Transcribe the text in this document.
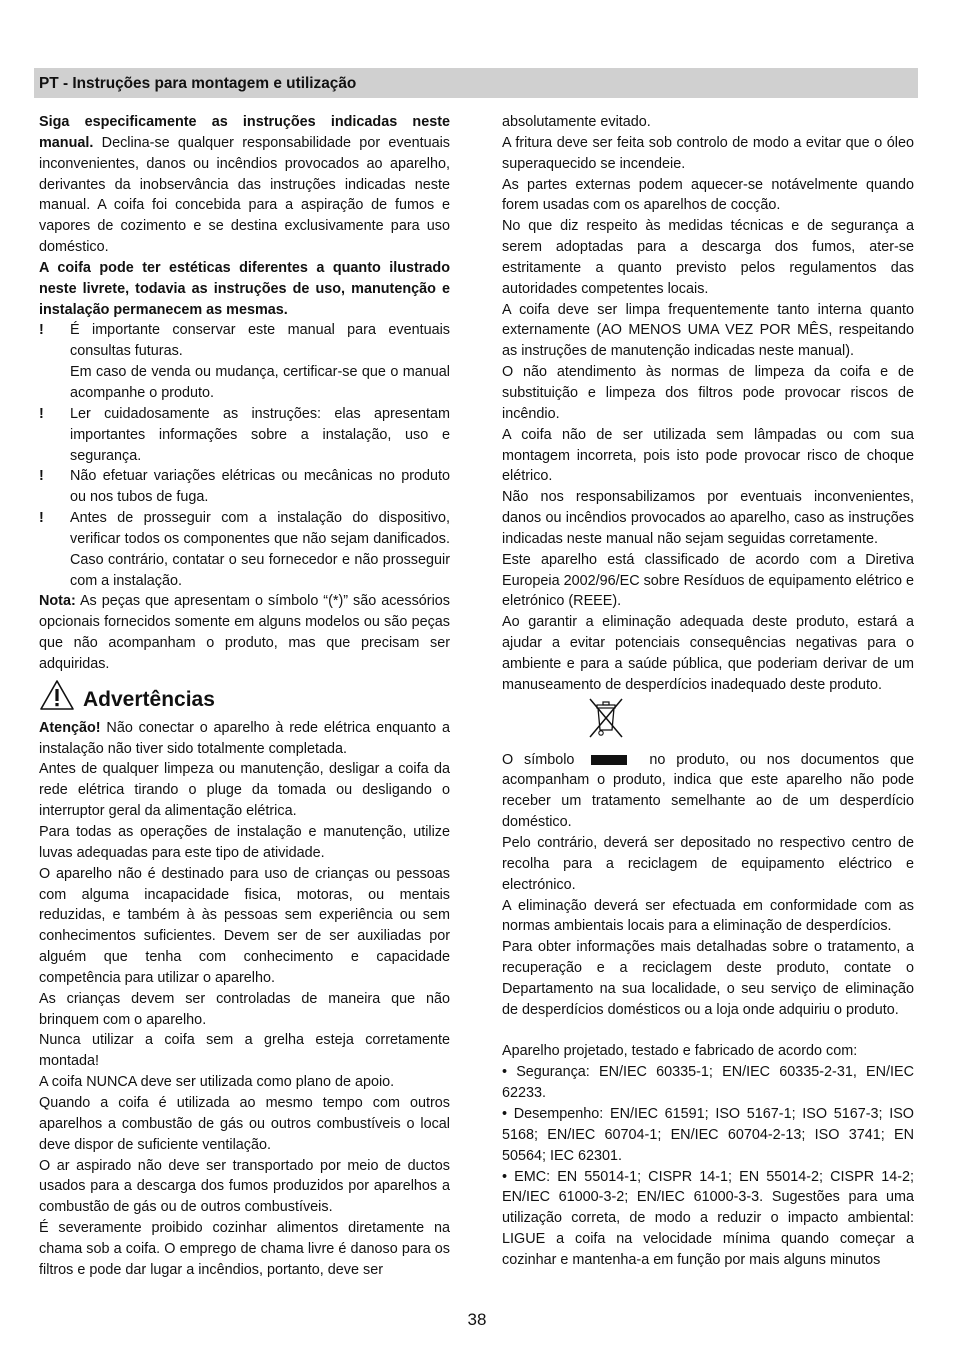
PT - Instruções para montagem e utilização

Siga especificamente as instruções indicadas neste manual. Declina-se qualquer responsabilidade por eventuais inconvenientes, danos ou incêndios provocados ao aparelho, derivantes da inobservância das instruções indicadas neste manual. A coifa foi concebida para a aspiração de fumos e vapores de cozimento e se destina exclusivamente para uso doméstico.

A coifa pode ter estéticas diferentes a quanto ilustrado neste livrete, todavia as instruções de uso, manutenção e instalação permanecem as mesmas.

! É importante conservar este manual para eventuais consultas futuras.

Em caso de venda ou mudança, certificar-se que o manual acompanhe o produto.

! Ler cuidadosamente as instruções: elas apresentam importantes informações sobre a instalação, uso e segurança.

! Não efetuar variações elétricas ou mecânicas no produto ou nos tubos de fuga.

! Antes de prosseguir com a instalação do dispositivo, verificar todos os componentes que não sejam danificados. Caso contrário, contatar o seu fornecedor e não prosseguir com a instalação.

Nota: As peças que apresentam o símbolo “(*)” são acessórios opcionais fornecidos somente em alguns modelos ou são peças que não acompanham o produto, mas que precisam ser adquiridas.

Advertências

Atenção! Não conectar o aparelho à rede elétrica enquanto a instalação não tiver sido totalmente completada.

Antes de qualquer limpeza ou manutenção, desligar a coifa da rede elétrica tirando o pluge da tomada ou desligando o interruptor geral da alimentação elétrica.

Para todas as operações de instalação e manutenção, utilize luvas adequadas para este tipo de atividade.

O aparelho não é destinado para uso de crianças ou pessoas com alguma incapacidade fisica, motoras, ou mentais reduzidas, e também à às pessoas sem experiência ou sem conhecimentos suficientes. Devem ser de ser auxiliadas por alguém que tenha com conhecimento e capacidade competência para utilizar o aparelho.

As crianças devem ser controladas de maneira que não brinquem com o aparelho.

Nunca utilizar a coifa sem a grelha esteja corretamente montada!

A coifa NUNCA deve ser utilizada como plano de apoio.

Quando a coifa é utilizada ao mesmo tempo com outros aparelhos a combustão de gás ou outros combustíveis o local deve dispor de suficiente ventilação.

O ar aspirado não deve ser transportado por meio de ductos usados para a descarga dos fumos produzidos por aparelhos a combustão de gás ou de outros combustíveis.

É severamente proibido cozinhar alimentos diretamente na chama sob a coifa. O emprego de chama livre é danoso para os filtros e pode dar lugar a incêndios, portanto, deve ser

absolutamente evitado.

A fritura deve ser feita sob controlo de modo a evitar que o óleo superaquecido se incendeie.

As partes externas podem aquecer-se notávelmente quando forem usadas com os aparelhos de cocção.

No que diz respeito às medidas técnicas e de segurança a serem adoptadas para a descarga dos fumos, ater-se estritamente a quanto previsto pelos regulamentos das autoridades competentes locais.

A coifa deve ser limpa frequentemente tanto interna quanto externamente (AO MENOS UMA VEZ POR MÊS, respeitando as instruções de manutenção indicadas neste manual).

O não atendimento às normas de limpeza da coifa e de substituição e limpeza dos filtros pode provocar riscos de incêndio.

A coifa não de ser utilizada sem lâmpadas ou com sua montagem incorreta, pois isto pode provocar risco de choque elétrico.

Não nos responsabilizamos por eventuais inconvenientes, danos ou incêndios provocados ao aparelho, caso as instruções indicadas neste manual não sejam seguidas corretamente.

Este aparelho está classificado de acordo com a Diretiva Europeia 2002/96/EC sobre Resíduos de equipamento elétrico e eletrónico (REEE).

Ao garantir a eliminação adequada deste produto, estará a ajudar a evitar potenciais consequências negativas para o ambiente e para a saúde pública, que poderiam derivar de um manuseamento de desperdícios inadequado deste produto.

O símbolo	no produto, ou nos documentos que acompanham o produto, indica que este aparelho não pode receber um tratamento semelhante ao de um desperdício doméstico.

Pelo contrário, deverá ser depositado no respectivo centro de recolha para a reciclagem de equipamento eléctrico e electrónico.

A eliminação deverá ser efectuada em conformidade com as normas ambientais locais para a eliminação de desperdícios.

Para obter informações mais detalhadas sobre o tratamento, a recuperação e a reciclagem deste produto, contate o Departamento na sua localidade, o seu serviço de eliminação de desperdícios domésticos ou a loja onde adquiriu o produto.

Aparelho projetado, testado e fabricado de acordo com:

• Segurança: EN/IEC 60335-1; EN/IEC 60335-2-31, EN/IEC 62233.

• Desempenho: EN/IEC 61591; ISO 5167-1; ISO 5167-3; ISO 5168; EN/IEC 60704-1; EN/IEC 60704-2-13; ISO 3741; EN 50564; IEC 62301.

• EMC: EN 55014-1; CISPR 14-1; EN 55014-2; CISPR 14-2; EN/IEC 61000-3-2; EN/IEC 61000-3-3. Sugestões para uma utilização correta, de modo a reduzir o impacto ambiental: LIGUE a coifa na velocidade mínima quando começar a cozinhar e mantenha-a em função por mais alguns minutos

38
